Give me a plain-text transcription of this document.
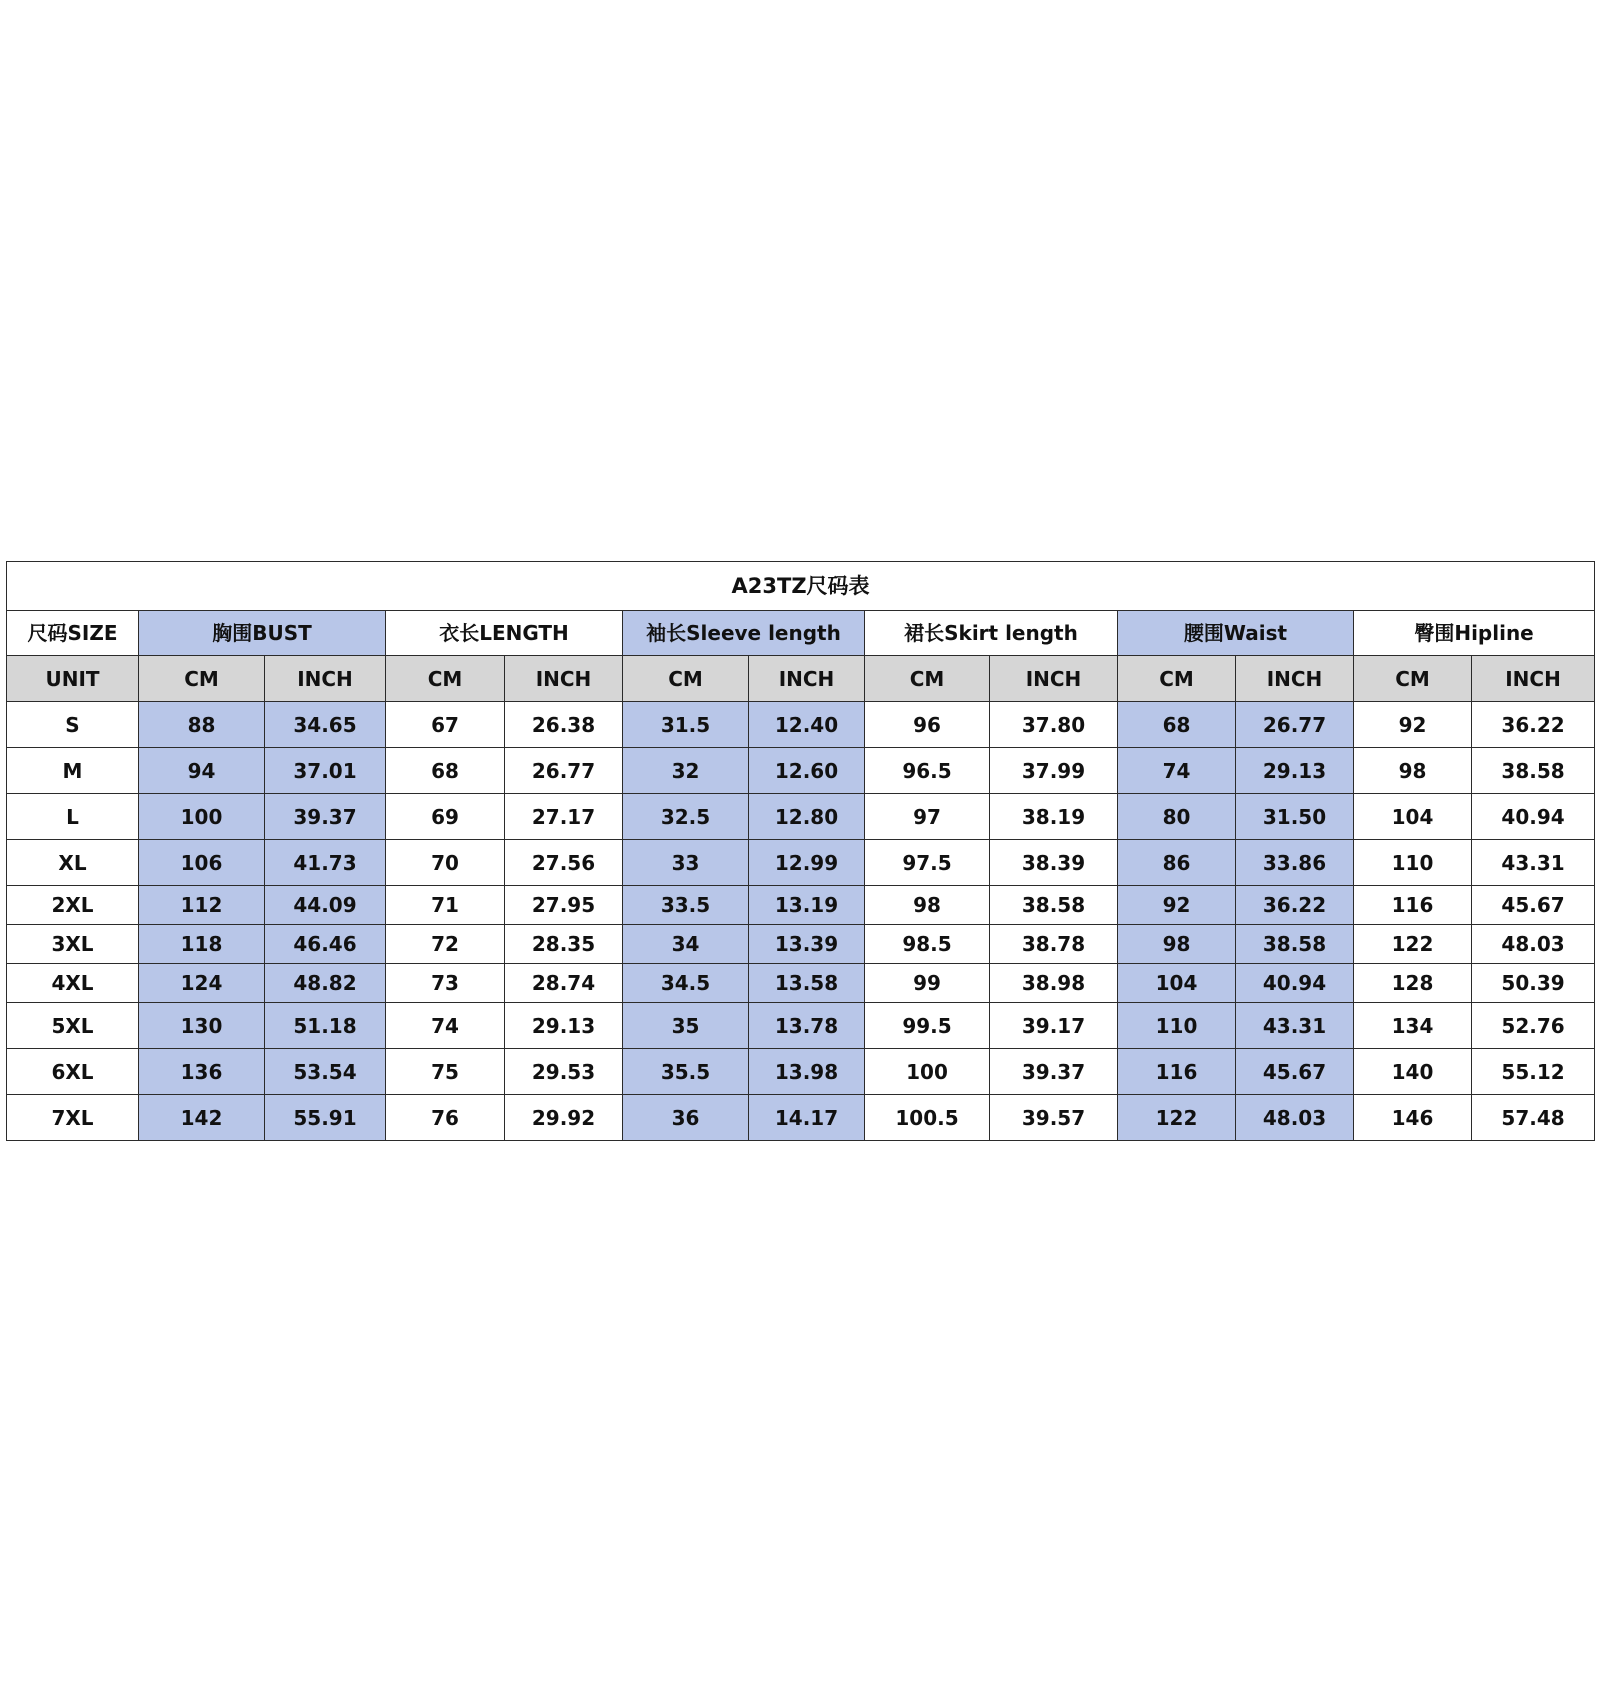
A23TZ尺码表												
尺码SIZE	胸围BUST		衣长LENGTH		袖长Sleeve length		裙长Skirt length		腰围Waist		臀围Hipline	
UNIT	CM	INCH	CM	INCH	CM	INCH	CM	INCH	CM	INCH	CM	INCH
S	88	34.65	67	26.38	31.5	12.40	96	37.80	68	26.77	92	36.22
M	94	37.01	68	26.77	32	12.60	96.5	37.99	74	29.13	98	38.58
L	100	39.37	69	27.17	32.5	12.80	97	38.19	80	31.50	104	40.94
XL	106	41.73	70	27.56	33	12.99	97.5	38.39	86	33.86	110	43.31
2XL	112	44.09	71	27.95	33.5	13.19	98	38.58	92	36.22	116	45.67
3XL	118	46.46	72	28.35	34	13.39	98.5	38.78	98	38.58	122	48.03
4XL	124	48.82	73	28.74	34.5	13.58	99	38.98	104	40.94	128	50.39
5XL	130	51.18	74	29.13	35	13.78	99.5	39.17	110	43.31	134	52.76
6XL	136	53.54	75	29.53	35.5	13.98	100	39.37	116	45.67	140	55.12
7XL	142	55.91	76	29.92	36	14.17	100.5	39.57	122	48.03	146	57.48
